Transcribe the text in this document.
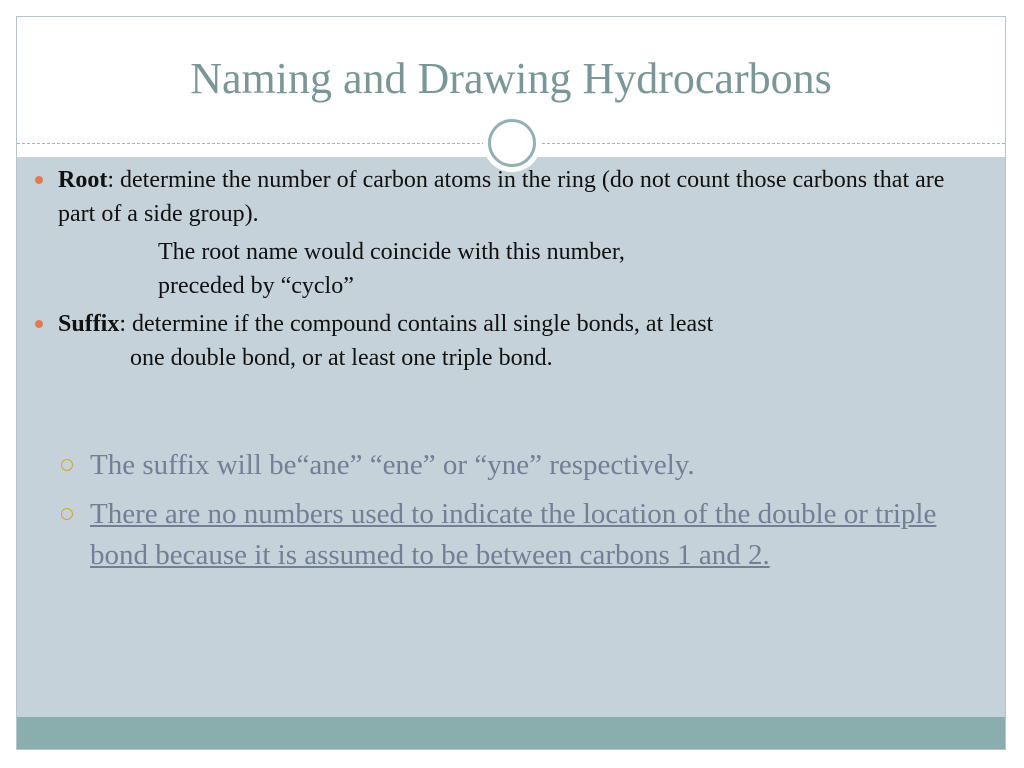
Naming and Drawing Hydrocarbons
Root: determine the number of carbon atoms in the ring (do not count those carbons that are part of a side group).
The root name would coincide with this number,
preceded by “cyclo”
Suffix: determine if the compound contains all single bonds, at least
one double bond, or at least one triple bond.
The suffix will be“ane” “ene” or “yne” respectively.
There are no numbers used to indicate the location of the double or triple bond because it is assumed to be between carbons 1 and 2.
